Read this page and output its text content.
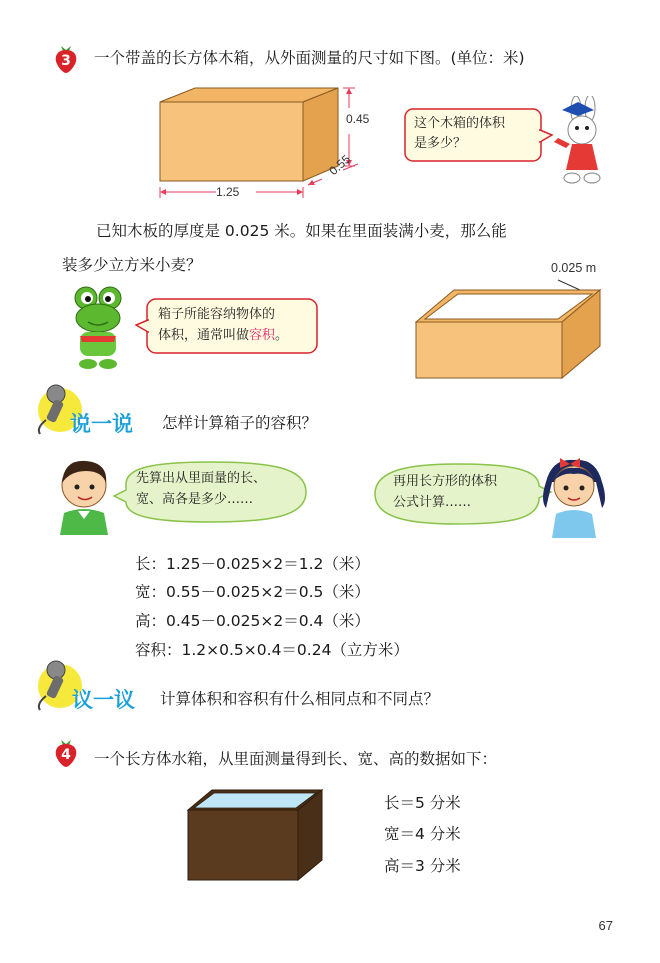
3	一个带盖的长方体木箱，从外面测量的尺寸如下图。(单位：米)
0.45
0.55
1.25
这个木箱的体积
是多少？
已知木板的厚度是 0.025 米。如果在里面装满小麦，那么能
装多少立方米小麦？
箱子所能容纳物体的
体积，通常叫做容积。
0.025 m
说一说 怎样计算箱子的容积？
先算出从里面量的长、
宽、高各是多少……
再用长方形的体积
公式计算……
长：1.25－0.025×2＝1.2（米）
宽：0.55－0.025×2＝0.5（米）
高：0.45－0.025×2＝0.4（米）
容积：1.2×0.5×0.4＝0.24（立方米）
议一议 计算体积和容积有什么相同点和不同点？
4	一个长方体水箱，从里面测量得到长、宽、高的数据如下：
长＝5 分米
宽＝4 分米
高＝3 分米
67
